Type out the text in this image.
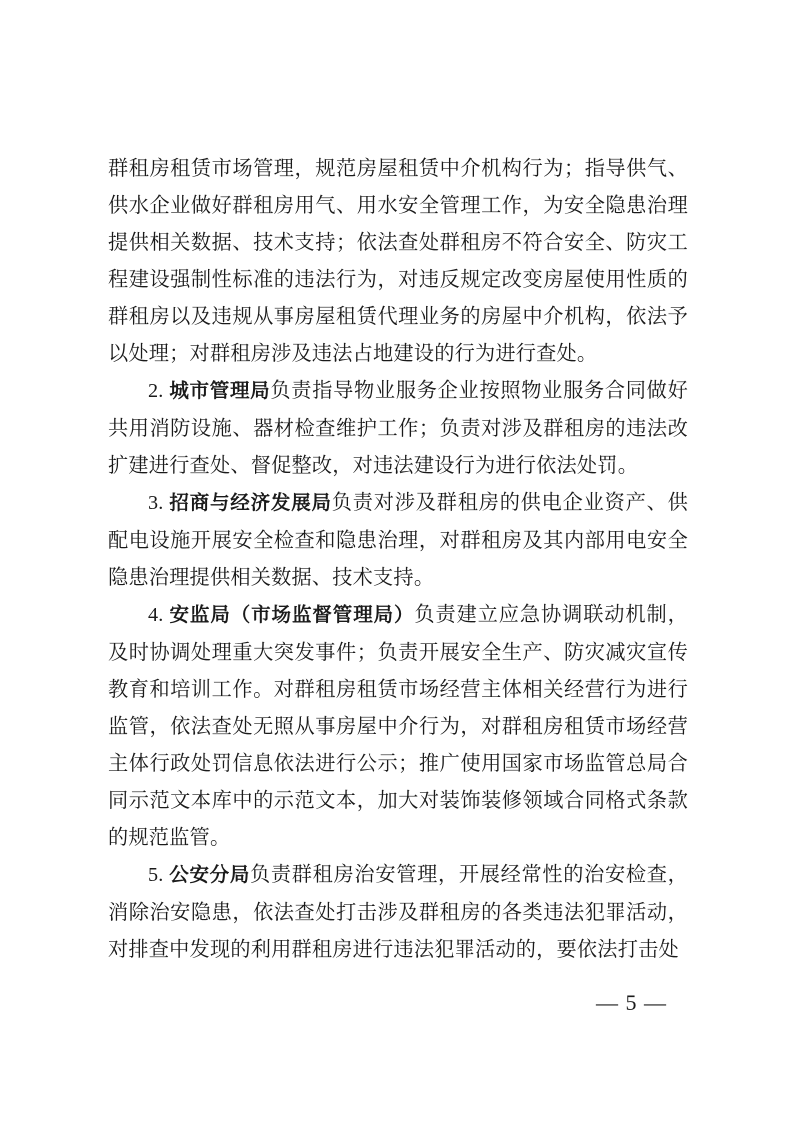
群租房租赁市场管理，规范房屋租赁中介机构行为；指导供气、供水企业做好群租房用气、用水安全管理工作，为安全隐患治理提供相关数据、技术支持；依法查处群租房不符合安全、防灾工程建设强制性标准的违法行为，对违反规定改变房屋使用性质的群租房以及违规从事房屋租赁代理业务的房屋中介机构，依法予以处理；对群租房涉及违法占地建设的行为进行查处。

2. 城市管理局负责指导物业服务企业按照物业服务合同做好共用消防设施、器材检查维护工作；负责对涉及群租房的违法改扩建进行查处、督促整改，对违法建设行为进行依法处罚。

3. 招商与经济发展局负责对涉及群租房的供电企业资产、供配电设施开展安全检查和隐患治理，对群租房及其内部用电安全隐患治理提供相关数据、技术支持。

4. 安监局（市场监督管理局）负责建立应急协调联动机制，及时协调处理重大突发事件；负责开展安全生产、防灾减灾宣传教育和培训工作。对群租房租赁市场经营主体相关经营行为进行监管，依法查处无照从事房屋中介行为，对群租房租赁市场经营主体行政处罚信息依法进行公示；推广使用国家市场监管总局合同示范文本库中的示范文本，加大对装饰装修领域合同格式条款的规范监管。

5. 公安分局负责群租房治安管理，开展经常性的治安检查，消除治安隐患，依法查处打击涉及群租房的各类违法犯罪活动，对排查中发现的利用群租房进行违法犯罪活动的，要依法打击处

— 5 —
